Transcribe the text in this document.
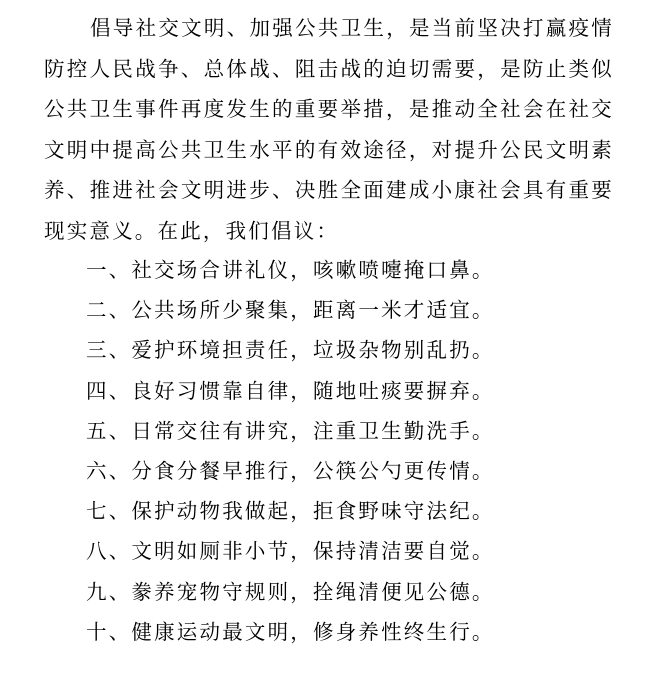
倡导社交文明、加强公共卫生，是当前坚决打赢疫情防控人民战争、总体战、阻击战的迫切需要，是防止类似公共卫生事件再度发生的重要举措，是推动全社会在社交文明中提高公共卫生水平的有效途径，对提升公民文明素养、推进社会文明进步、决胜全面建成小康社会具有重要现实意义。在此，我们倡议：

一、社交场合讲礼仪，咳嗽喷嚏掩口鼻。
二、公共场所少聚集，距离一米才适宜。
三、爱护环境担责任，垃圾杂物别乱扔。
四、良好习惯靠自律，随地吐痰要摒弃。
五、日常交往有讲究，注重卫生勤洗手。
六、分食分餐早推行，公筷公勺更传情。
七、保护动物我做起，拒食野味守法纪。
八、文明如厕非小节，保持清洁要自觉。
九、豢养宠物守规则，拴绳清便见公德。
十、健康运动最文明，修身养性终生行。
